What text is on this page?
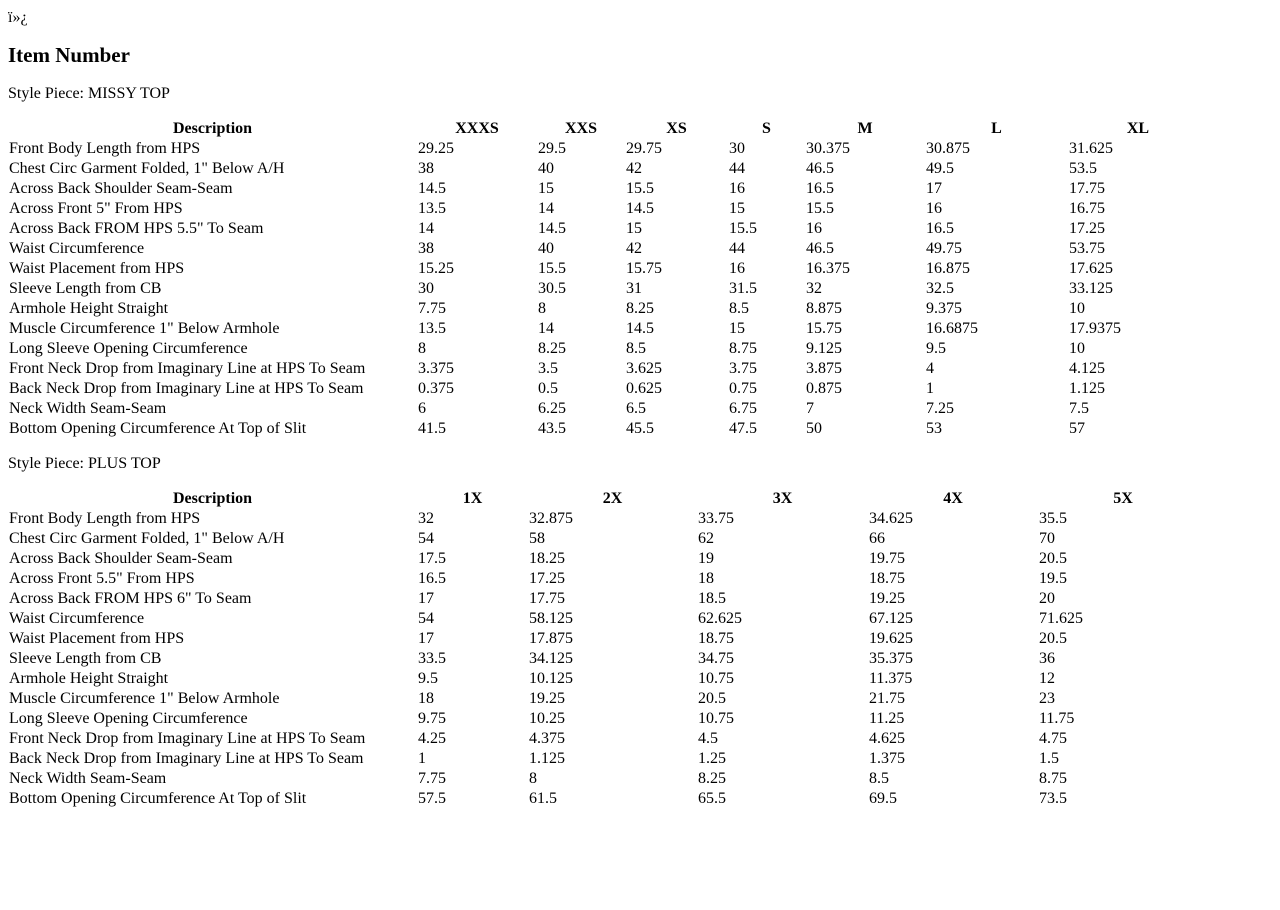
ï»¿
Item Number

Style Piece: MISSY TOP

Description	XXXS	XXS	XS	S	M	L	XL
Front Body Length from HPS	29.25	29.5	29.75	30	30.375	30.875	31.625
Chest Circ Garment Folded, 1" Below A/H	38	40	42	44	46.5	49.5	53.5
Across Back Shoulder Seam-Seam	14.5	15	15.5	16	16.5	17	17.75
Across Front 5" From HPS	13.5	14	14.5	15	15.5	16	16.75
Across Back FROM HPS 5.5" To Seam	14	14.5	15	15.5	16	16.5	17.25
Waist Circumference	38	40	42	44	46.5	49.75	53.75
Waist Placement from HPS	15.25	15.5	15.75	16	16.375	16.875	17.625
Sleeve Length from CB	30	30.5	31	31.5	32	32.5	33.125
Armhole Height Straight	7.75	8	8.25	8.5	8.875	9.375	10
Muscle Circumference 1" Below Armhole	13.5	14	14.5	15	15.75	16.6875	17.9375
Long Sleeve Opening Circumference	8	8.25	8.5	8.75	9.125	9.5	10
Front Neck Drop from Imaginary Line at HPS To Seam	3.375	3.5	3.625	3.75	3.875	4	4.125
Back Neck Drop from Imaginary Line at HPS To Seam	0.375	0.5	0.625	0.75	0.875	1	1.125
Neck Width Seam-Seam	6	6.25	6.5	6.75	7	7.25	7.5
Bottom Opening Circumference At Top of Slit	41.5	43.5	45.5	47.5	50	53	57

Style Piece: PLUS TOP

Description	1X	2X	3X	4X	5X
Front Body Length from HPS	32	32.875	33.75	34.625	35.5
Chest Circ Garment Folded, 1" Below A/H	54	58	62	66	70
Across Back Shoulder Seam-Seam	17.5	18.25	19	19.75	20.5
Across Front 5.5" From HPS	16.5	17.25	18	18.75	19.5
Across Back FROM HPS 6" To Seam	17	17.75	18.5	19.25	20
Waist Circumference	54	58.125	62.625	67.125	71.625
Waist Placement from HPS	17	17.875	18.75	19.625	20.5
Sleeve Length from CB	33.5	34.125	34.75	35.375	36
Armhole Height Straight	9.5	10.125	10.75	11.375	12
Muscle Circumference 1" Below Armhole	18	19.25	20.5	21.75	23
Long Sleeve Opening Circumference	9.75	10.25	10.75	11.25	11.75
Front Neck Drop from Imaginary Line at HPS To Seam	4.25	4.375	4.5	4.625	4.75
Back Neck Drop from Imaginary Line at HPS To Seam	1	1.125	1.25	1.375	1.5
Neck Width Seam-Seam	7.75	8	8.25	8.5	8.75
Bottom Opening Circumference At Top of Slit	57.5	61.5	65.5	69.5	73.5
